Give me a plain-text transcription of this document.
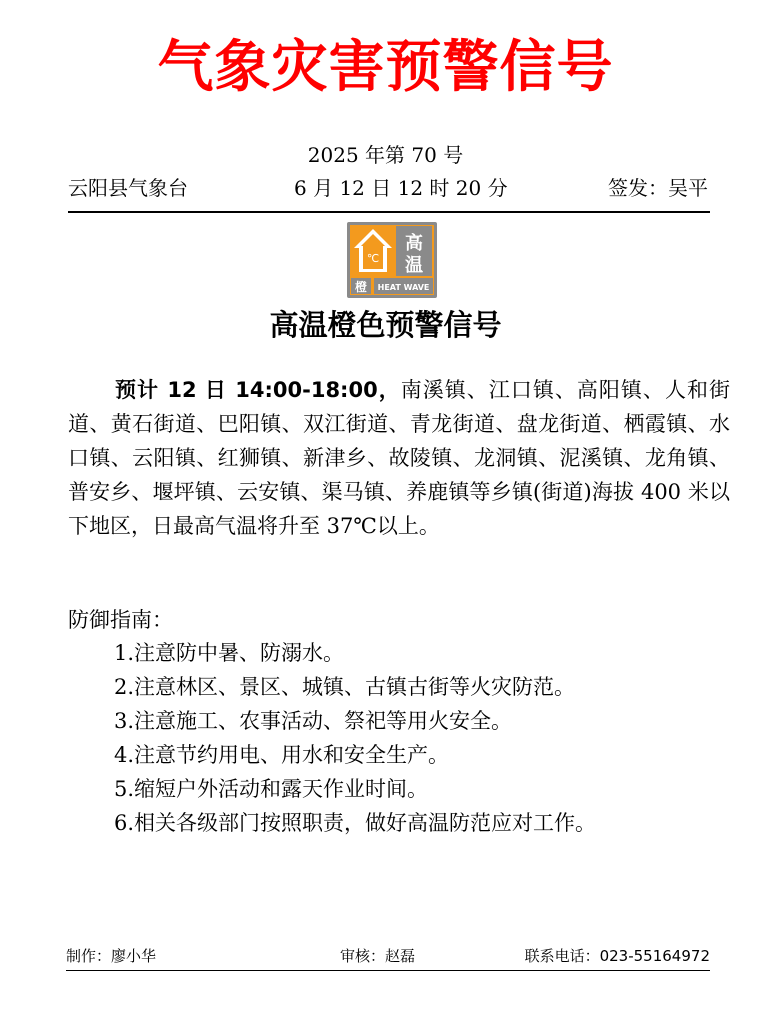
气象灾害预警信号
2025 年第 70 号
云阳县气象台	6 月 12 日 12 时 20 分	签发：吴平
℃
高
温
橙 HEAT WAVE
高温橙色预警信号

预计 12 日 14:00-18:00，南溪镇、江口镇、高阳镇、人和街道、黄石街道、巴阳镇、双江街道、青龙街道、盘龙街道、栖霞镇、水口镇、云阳镇、红狮镇、新津乡、故陵镇、龙洞镇、泥溪镇、龙角镇、普安乡、堰坪镇、云安镇、渠马镇、养鹿镇等乡镇(街道)海拔 400 米以下地区，日最高气温将升至 37℃以上。

防御指南：
1.注意防中暑、防溺水。
2.注意林区、景区、城镇、古镇古街等火灾防范。
3.注意施工、农事活动、祭祀等用火安全。
4.注意节约用电、用水和安全生产。
5.缩短户外活动和露天作业时间。
6.相关各级部门按照职责，做好高温防范应对工作。
制作：廖小华	审核：赵磊	联系电话：023-55164972
